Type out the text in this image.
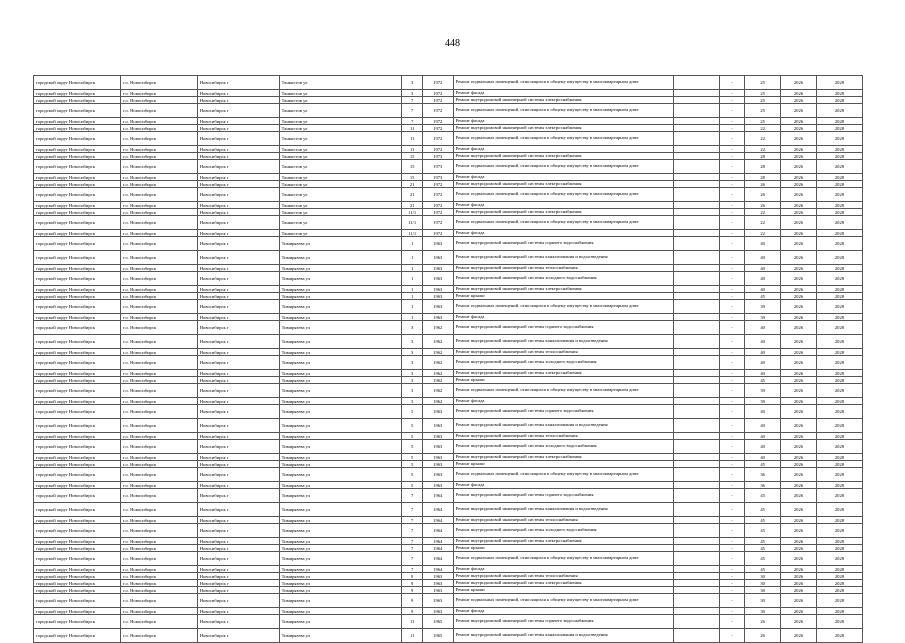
448
городской округ Новосибирск	г.о. Новосибирск	Новосибирск г	Танкистов ул	3	1972	Ремонт подвальных помещений, относящихся к общему имуществу в многоквартирном доме		-	25	2026	2028
городской округ Новосибирск	г.о. Новосибирск	Новосибирск г	Танкистов ул	3	1972	Ремонт фасада		-	25	2026	2028
городской округ Новосибирск	г.о. Новосибирск	Новосибирск г	Танкистов ул	7	1972	Ремонт внутридомовой инженерной системы электроснабжения		-	25	2026	2028
городской округ Новосибирск	г.о. Новосибирск	Новосибирск г	Танкистов ул	7	1972	Ремонт подвальных помещений, относящихся к общему имуществу в многоквартирном доме		-	25	2026	2028
городской округ Новосибирск	г.о. Новосибирск	Новосибирск г	Танкистов ул	7	1972	Ремонт фасада		-	25	2026	2028
городской округ Новосибирск	г.о. Новосибирск	Новосибирск г	Танкистов ул	11	1972	Ремонт внутридомовой инженерной системы электроснабжения		-	22	2026	2028
городской округ Новосибирск	г.о. Новосибирск	Новосибирск г	Танкистов ул	11	1972	Ремонт подвальных помещений, относящихся к общему имуществу в многоквартирном доме		-	22	2026	2028
городской округ Новосибирск	г.о. Новосибирск	Новосибирск г	Танкистов ул	11	1972	Ремонт фасада		-	22	2026	2028
городской округ Новосибирск	г.о. Новосибирск	Новосибирск г	Танкистов ул	15	1973	Ремонт внутридомовой инженерной системы электроснабжения		-	28	2026	2028
городской округ Новосибирск	г.о. Новосибирск	Новосибирск г	Танкистов ул	15	1973	Ремонт подвальных помещений, относящихся к общему имуществу в многоквартирном доме		-	28	2026	2028
городской округ Новосибирск	г.о. Новосибирск	Новосибирск г	Танкистов ул	15	1973	Ремонт фасада		-	28	2026	2028
городской округ Новосибирск	г.о. Новосибирск	Новосибирск г	Танкистов ул	21	1972	Ремонт внутридомовой инженерной системы электроснабжения		-	26	2026	2028
городской округ Новосибирск	г.о. Новосибирск	Новосибирск г	Танкистов ул	21	1972	Ремонт подвальных помещений, относящихся к общему имуществу в многоквартирном доме		-	26	2026	2028
городской округ Новосибирск	г.о. Новосибирск	Новосибирск г	Танкистов ул	21	1972	Ремонт фасада		-	26	2026	2028
городской округ Новосибирск	г.о. Новосибирск	Новосибирск г	Танкистов ул	11/1	1972	Ремонт внутридомовой инженерной системы электроснабжения		-	22	2026	2028
городской округ Новосибирск	г.о. Новосибирск	Новосибирск г	Танкистов ул	11/1	1972	Ремонт подвальных помещений, относящихся к общему имуществу в многоквартирном доме		-	22	2026	2028
городской округ Новосибирск	г.о. Новосибирск	Новосибирск г	Танкистов ул	11/1	1972	Ремонт фасада		-	22	2026	2028
городской округ Новосибирск	г.о. Новосибирск	Новосибирск г	Тимирязева ул	1	1963	Ремонт внутридомовой инженерной системы горячего водоснабжения		-	40	2026	2028
городской округ Новосибирск	г.о. Новосибирск	Новосибирск г	Тимирязева ул	1	1963	Ремонт внутридомовой инженерной системы канализования и водоотведения		-	40	2026	2028
городской округ Новосибирск	г.о. Новосибирск	Новосибирск г	Тимирязева ул	1	1963	Ремонт внутридомовой инженерной системы теплоснабжения		-	40	2026	2028
городской округ Новосибирск	г.о. Новосибирск	Новосибирск г	Тимирязева ул	1	1963	Ремонт внутридомовой инженерной системы холодного водоснабжения		-	40	2026	2028
городской округ Новосибирск	г.о. Новосибирск	Новосибирск г	Тимирязева ул	1	1963	Ремонт внутридомовой инженерной системы электроснабжения		-	40	2026	2028
городской округ Новосибирск	г.о. Новосибирск	Новосибирск г	Тимирязева ул	1	1963	Ремонт крыши		-	45	2026	2028
городской округ Новосибирск	г.о. Новосибирск	Новосибирск г	Тимирязева ул	1	1963	Ремонт подвальных помещений, относящихся к общему имуществу в многоквартирном доме		-	39	2026	2028
городской округ Новосибирск	г.о. Новосибирск	Новосибирск г	Тимирязева ул	1	1963	Ремонт фасада		-	39	2026	2028
городской округ Новосибирск	г.о. Новосибирск	Новосибирск г	Тимирязева ул	3	1962	Ремонт внутридомовой инженерной системы горячего водоснабжения		-	40	2026	2028
городской округ Новосибирск	г.о. Новосибирск	Новосибирск г	Тимирязева ул	3	1962	Ремонт внутридомовой инженерной системы канализования и водоотведения		-	40	2026	2028
городской округ Новосибирск	г.о. Новосибирск	Новосибирск г	Тимирязева ул	3	1962	Ремонт внутридомовой инженерной системы теплоснабжения		-	40	2026	2028
городской округ Новосибирск	г.о. Новосибирск	Новосибирск г	Тимирязева ул	3	1962	Ремонт внутридомовой инженерной системы холодного водоснабжения		-	40	2026	2028
городской округ Новосибирск	г.о. Новосибирск	Новосибирск г	Тимирязева ул	3	1962	Ремонт внутридомовой инженерной системы электроснабжения		-	40	2026	2028
городской округ Новосибирск	г.о. Новосибирск	Новосибирск г	Тимирязева ул	3	1962	Ремонт крыши		-	45	2026	2028
городской округ Новосибирск	г.о. Новосибирск	Новосибирск г	Тимирязева ул	3	1962	Ремонт подвальных помещений, относящихся к общему имуществу в многоквартирном доме		-	39	2026	2028
городской округ Новосибирск	г.о. Новосибирск	Новосибирск г	Тимирязева ул	3	1962	Ремонт фасада		-	39	2026	2028
городской округ Новосибирск	г.о. Новосибирск	Новосибирск г	Тимирязева ул	5	1963	Ремонт внутридомовой инженерной системы горячего водоснабжения		-	40	2026	2028
городской округ Новосибирск	г.о. Новосибирск	Новосибирск г	Тимирязева ул	5	1963	Ремонт внутридомовой инженерной системы канализования и водоотведения		-	40	2026	2028
городской округ Новосибирск	г.о. Новосибирск	Новосибирск г	Тимирязева ул	5	1963	Ремонт внутридомовой инженерной системы теплоснабжения		-	40	2026	2028
городской округ Новосибирск	г.о. Новосибирск	Новосибирск г	Тимирязева ул	5	1963	Ремонт внутридомовой инженерной системы холодного водоснабжения		-	40	2026	2028
городской округ Новосибирск	г.о. Новосибирск	Новосибирск г	Тимирязева ул	5	1963	Ремонт внутридомовой инженерной системы электроснабжения		-	40	2026	2028
городской округ Новосибирск	г.о. Новосибирск	Новосибирск г	Тимирязева ул	5	1963	Ремонт крыши		-	45	2026	2028
городской округ Новосибирск	г.о. Новосибирск	Новосибирск г	Тимирязева ул	5	1963	Ремонт подвальных помещений, относящихся к общему имуществу в многоквартирном доме		-	36	2026	2028
городской округ Новосибирск	г.о. Новосибирск	Новосибирск г	Тимирязева ул	5	1963	Ремонт фасада		-	36	2026	2028
городской округ Новосибирск	г.о. Новосибирск	Новосибирск г	Тимирязева ул	7	1964	Ремонт внутридомовой инженерной системы горячего водоснабжения		-	45	2026	2028
городской округ Новосибирск	г.о. Новосибирск	Новосибирск г	Тимирязева ул	7	1964	Ремонт внутридомовой инженерной системы канализования и водоотведения		-	45	2026	2028
городской округ Новосибирск	г.о. Новосибирск	Новосибирск г	Тимирязева ул	7	1964	Ремонт внутридомовой инженерной системы теплоснабжения		-	45	2026	2028
городской округ Новосибирск	г.о. Новосибирск	Новосибирск г	Тимирязева ул	7	1964	Ремонт внутридомовой инженерной системы холодного водоснабжения		-	45	2026	2028
городской округ Новосибирск	г.о. Новосибирск	Новосибирск г	Тимирязева ул	7	1964	Ремонт внутридомовой инженерной системы электроснабжения		-	45	2026	2028
городской округ Новосибирск	г.о. Новосибирск	Новосибирск г	Тимирязева ул	7	1964	Ремонт крыши		-	45	2026	2028
городской округ Новосибирск	г.о. Новосибирск	Новосибирск г	Тимирязева ул	7	1964	Ремонт подвальных помещений, относящихся к общему имуществу в многоквартирном доме		-	45	2026	2028
городской округ Новосибирск	г.о. Новосибирск	Новосибирск г	Тимирязева ул	7	1964	Ремонт фасада		-	45	2026	2028
городской округ Новосибирск	г.о. Новосибирск	Новосибирск г	Тимирязева ул	9	1963	Ремонт внутридомовой инженерной системы теплоснабжения		-	30	2026	2028
городской округ Новосибирск	г.о. Новосибирск	Новосибирск г	Тимирязева ул	9	1963	Ремонт внутридомовой инженерной системы электроснабжения		-	30	2026	2028
городской округ Новосибирск	г.о. Новосибирск	Новосибирск г	Тимирязева ул	9	1963	Ремонт крыши		-	30	2026	2028
городской округ Новосибирск	г.о. Новосибирск	Новосибирск г	Тимирязева ул	9	1963	Ремонт подвальных помещений, относящихся к общему имуществу в многоквартирном доме		-	30	2026	2028
городской округ Новосибирск	г.о. Новосибирск	Новосибирск г	Тимирязева ул	9	1963	Ремонт фасада		-	30	2026	2028
городской округ Новосибирск	г.о. Новосибирск	Новосибирск г	Тимирязева ул	11	1965	Ремонт внутридомовой инженерной системы горячего водоснабжения		-	26	2026	2028
городской округ Новосибирск	г.о. Новосибирск	Новосибирск г	Тимирязева ул	11	1965	Ремонт внутридомовой инженерной системы канализования и водоотведения		-	26	2026	2028
